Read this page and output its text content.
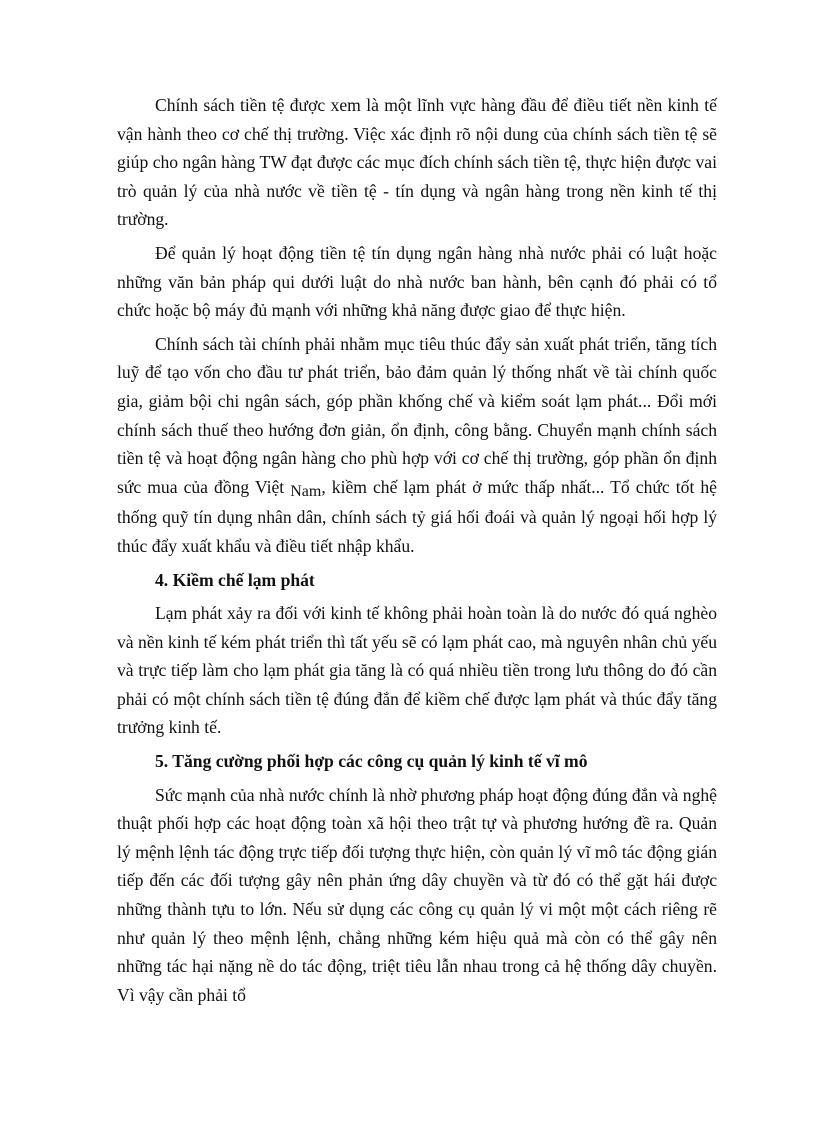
Chính sách tiền tệ được xem là một lĩnh vực hàng đầu để điều tiết nền kinh tế vận hành theo cơ chế thị trường. Việc xác định rõ nội dung của chính sách tiền tệ sẽ giúp cho ngân hàng TW đạt được các mục đích chính sách tiền tệ, thực hiện được vai trò quản lý của nhà nước về tiền tệ - tín dụng và ngân hàng trong nền kinh tế thị trường.

Để quản lý hoạt động tiền tệ tín dụng ngân hàng nhà nước phải có luật hoặc những văn bản pháp qui dưới luật do nhà nước ban hành, bên cạnh đó phải có tổ chức hoặc bộ máy đủ mạnh với những khả năng được giao để thực hiện.

Chính sách tài chính phải nhằm mục tiêu thúc đẩy sản xuất phát triển, tăng tích luỹ để tạo vốn cho đầu tư phát triển, bảo đảm quản lý thống nhất về tài chính quốc gia, giảm bội chi ngân sách, góp phần khống chế và kiểm soát lạm phát... Đổi mới chính sách thuế theo hướng đơn giản, ổn định, công bằng. Chuyển mạnh chính sách tiền tệ và hoạt động ngân hàng cho phù hợp với cơ chế thị trường, góp phần ổn định sức mua của đồng Việt Nam, kiềm chế lạm phát ở mức thấp nhất... Tổ chức tốt hệ thống quỹ tín dụng nhân dân, chính sách tỷ giá hối đoái và quản lý ngoại hối hợp lý thúc đẩy xuất khẩu và điều tiết nhập khẩu.

4. Kiềm chế lạm phát

Lạm phát xảy ra đối với kinh tế không phải hoàn toàn là do nước đó quá nghèo và nền kinh tế kém phát triển thì tất yếu sẽ có lạm phát cao, mà nguyên nhân chủ yếu và trực tiếp làm cho lạm phát gia tăng là có quá nhiều tiền trong lưu thông do đó cần phải có một chính sách tiền tệ đúng đắn để kiềm chế được lạm phát và thúc đẩy tăng trưởng kinh tế.

5. Tăng cường phối hợp các công cụ quản lý kinh tế vĩ mô

Sức mạnh của nhà nước chính là nhờ phương pháp hoạt động đúng đắn và nghệ thuật phối hợp các hoạt động toàn xã hội theo trật tự và phương hướng đề ra. Quản lý mệnh lệnh tác động trực tiếp đối tượng thực hiện, còn quản lý vĩ mô tác động gián tiếp đến các đối tượng gây nên phản ứng dây chuyền và từ đó có thể gặt hái được những thành tựu to lớn. Nếu sử dụng các công cụ quản lý vi một một cách riêng rẽ như quản lý theo mệnh lệnh, chẳng những kém hiệu quả mà còn có thể gây nên những tác hại nặng nề do tác động, triệt tiêu lẫn nhau trong cả hệ thống dây chuyền. Vì vậy cần phải tổ
